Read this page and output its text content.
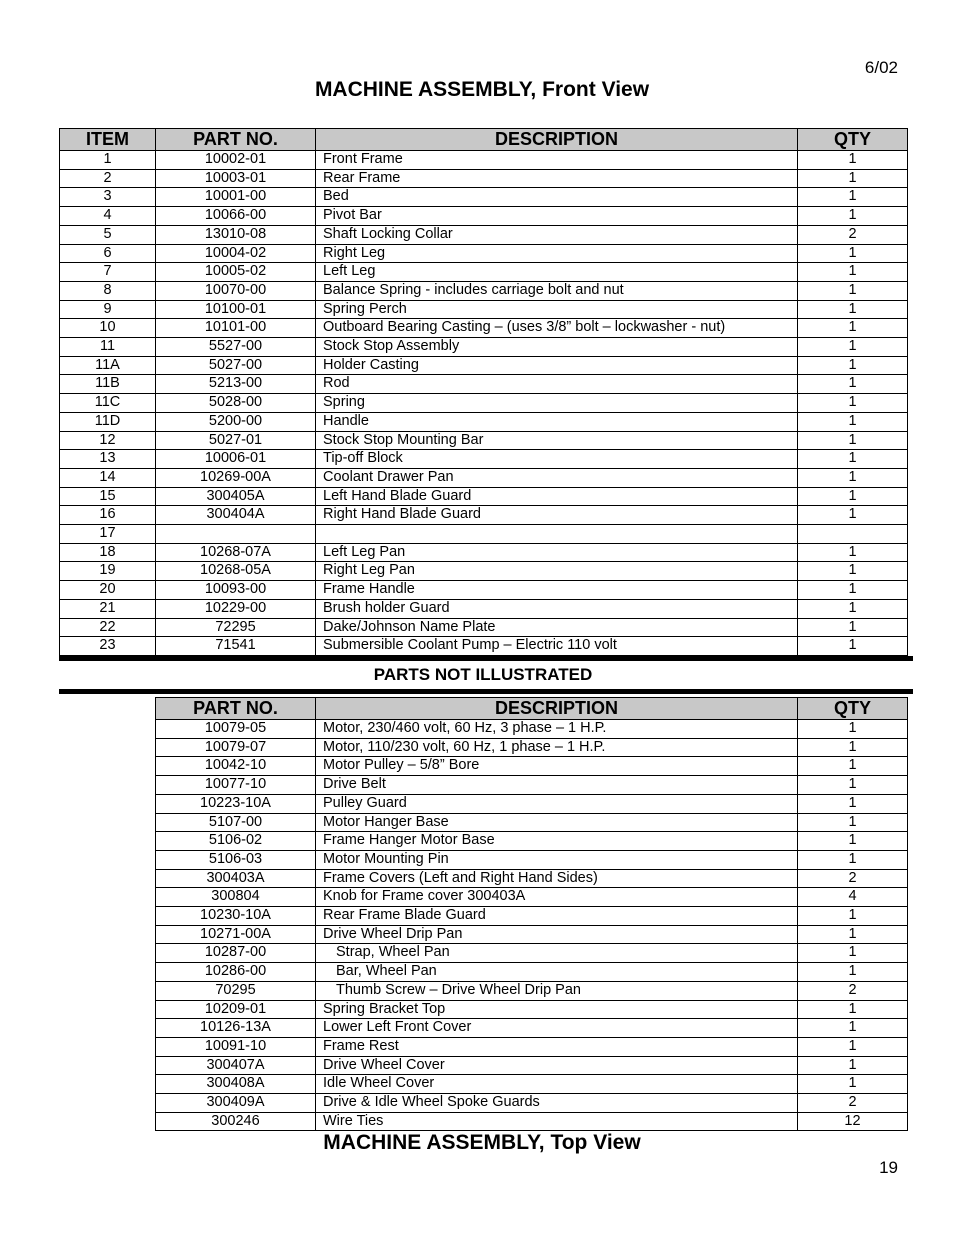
6/02
MACHINE ASSEMBLY, Front View
ITEM	PART NO.	DESCRIPTION	QTY
1	10002-01	Front Frame	1
2	10003-01	Rear Frame	1
3	10001-00	Bed	1
4	10066-00	Pivot Bar	1
5	13010-08	Shaft Locking Collar	2
6	10004-02	Right Leg	1
7	10005-02	Left Leg	1
8	10070-00	Balance Spring - includes carriage bolt and nut	1
9	10100-01	Spring Perch	1
10	10101-00	Outboard Bearing Casting – (uses 3/8” bolt – lockwasher - nut)	1
11	5527-00	Stock Stop Assembly	1
11A	5027-00	Holder Casting	1
11B	5213-00	Rod	1
11C	5028-00	Spring	1
11D	5200-00	Handle	1
12	5027-01	Stock Stop Mounting Bar	1
13	10006-01	Tip-off Block	1
14	10269-00A	Coolant Drawer Pan	1
15	300405A	Left Hand Blade Guard	1
16	300404A	Right Hand Blade Guard	1
17			
18	10268-07A	Left Leg Pan	1
19	10268-05A	Right Leg Pan	1
20	10093-00	Frame Handle	1
21	10229-00	Brush holder Guard	1
22	72295	Dake/Johnson Name Plate	1
23	71541	Submersible Coolant Pump – Electric 110 volt	1
PARTS NOT ILLUSTRATED
PART NO.	DESCRIPTION	QTY
10079-05	Motor, 230/460 volt, 60 Hz, 3 phase – 1 H.P.	1
10079-07	Motor, 110/230 volt, 60 Hz, 1 phase – 1 H.P.	1
10042-10	Motor Pulley – 5/8” Bore	1
10077-10	Drive Belt	1
10223-10A	Pulley Guard	1
5107-00	Motor Hanger Base	1
5106-02	Frame Hanger Motor Base	1
5106-03	Motor Mounting Pin	1
300403A	Frame Covers (Left and Right Hand Sides)	2
300804	Knob for Frame cover 300403A	4
10230-10A	Rear Frame Blade Guard	1
10271-00A	Drive Wheel Drip Pan	1
10287-00	Strap, Wheel Pan	1
10286-00	Bar, Wheel Pan	1
70295	Thumb Screw – Drive Wheel Drip Pan	2
10209-01	Spring Bracket Top	1
10126-13A	Lower Left Front Cover	1
10091-10	Frame Rest	1
300407A	Drive Wheel Cover	1
300408A	Idle Wheel Cover	1
300409A	Drive & Idle Wheel Spoke Guards	2
300246	Wire Ties	12
MACHINE ASSEMBLY, Top View
19
